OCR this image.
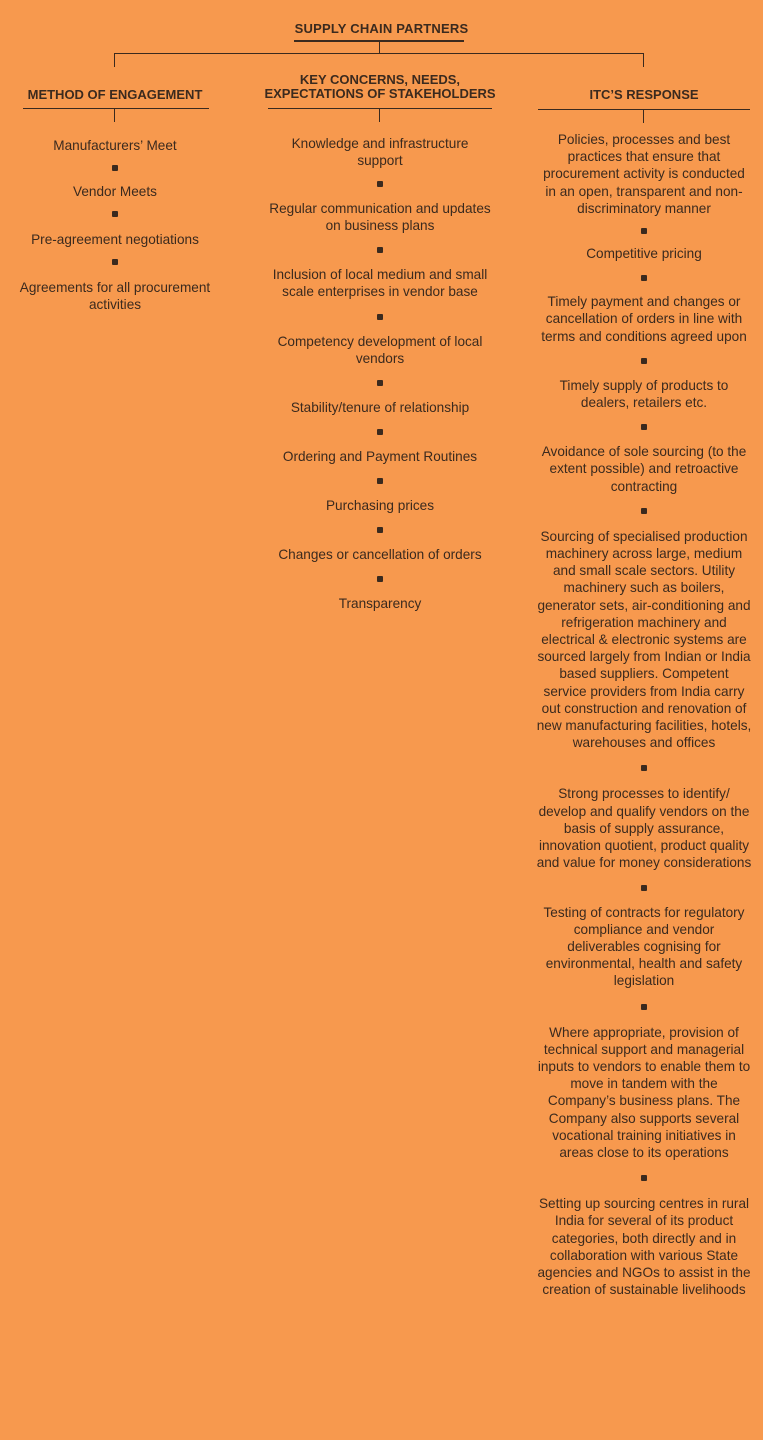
SUPPLY CHAIN PARTNERS
METHOD OF ENGAGEMENT
KEY CONCERNS, NEEDS, EXPECTATIONS OF STAKEHOLDERS	ITC’S RESPONSE
Manufacturers’ Meet
Vendor Meets
Pre-agreement negotiations
Agreements for all procurement activities
Knowledge and infrastructure support
Regular communication and updates on business plans
Inclusion of local medium and small scale enterprises in vendor base
Competency development of local vendors
Stability/tenure of relationship
Ordering and Payment Routines
Purchasing prices
Changes or cancellation of orders
Transparency
Policies, processes and best practices that ensure that procurement activity is conducted in an open, transparent and non-discriminatory manner
Competitive pricing
Timely payment and changes or cancellation of orders in line with terms and conditions agreed upon
Timely supply of products to dealers, retailers etc.
Avoidance of sole sourcing (to the extent possible) and retroactive contracting
Sourcing of specialised production machinery across large, medium and small scale sectors. Utility machinery such as boilers, generator sets, air-conditioning and refrigeration machinery and electrical & electronic systems are sourced largely from Indian or India based suppliers. Competent service providers from India carry out construction and renovation of new manufacturing facilities, hotels, warehouses and offices
Strong processes to identify/ develop and qualify vendors on the basis of supply assurance, innovation quotient, product quality and value for money considerations
Testing of contracts for regulatory compliance and vendor deliverables cognising for environmental, health and safety legislation
Where appropriate, provision of technical support and managerial inputs to vendors to enable them to move in tandem with the Company’s business plans. The Company also supports several vocational training initiatives in areas close to its operations
Setting up sourcing centres in rural India for several of its product categories, both directly and in collaboration with various State agencies and NGOs to assist in the creation of sustainable livelihoods
